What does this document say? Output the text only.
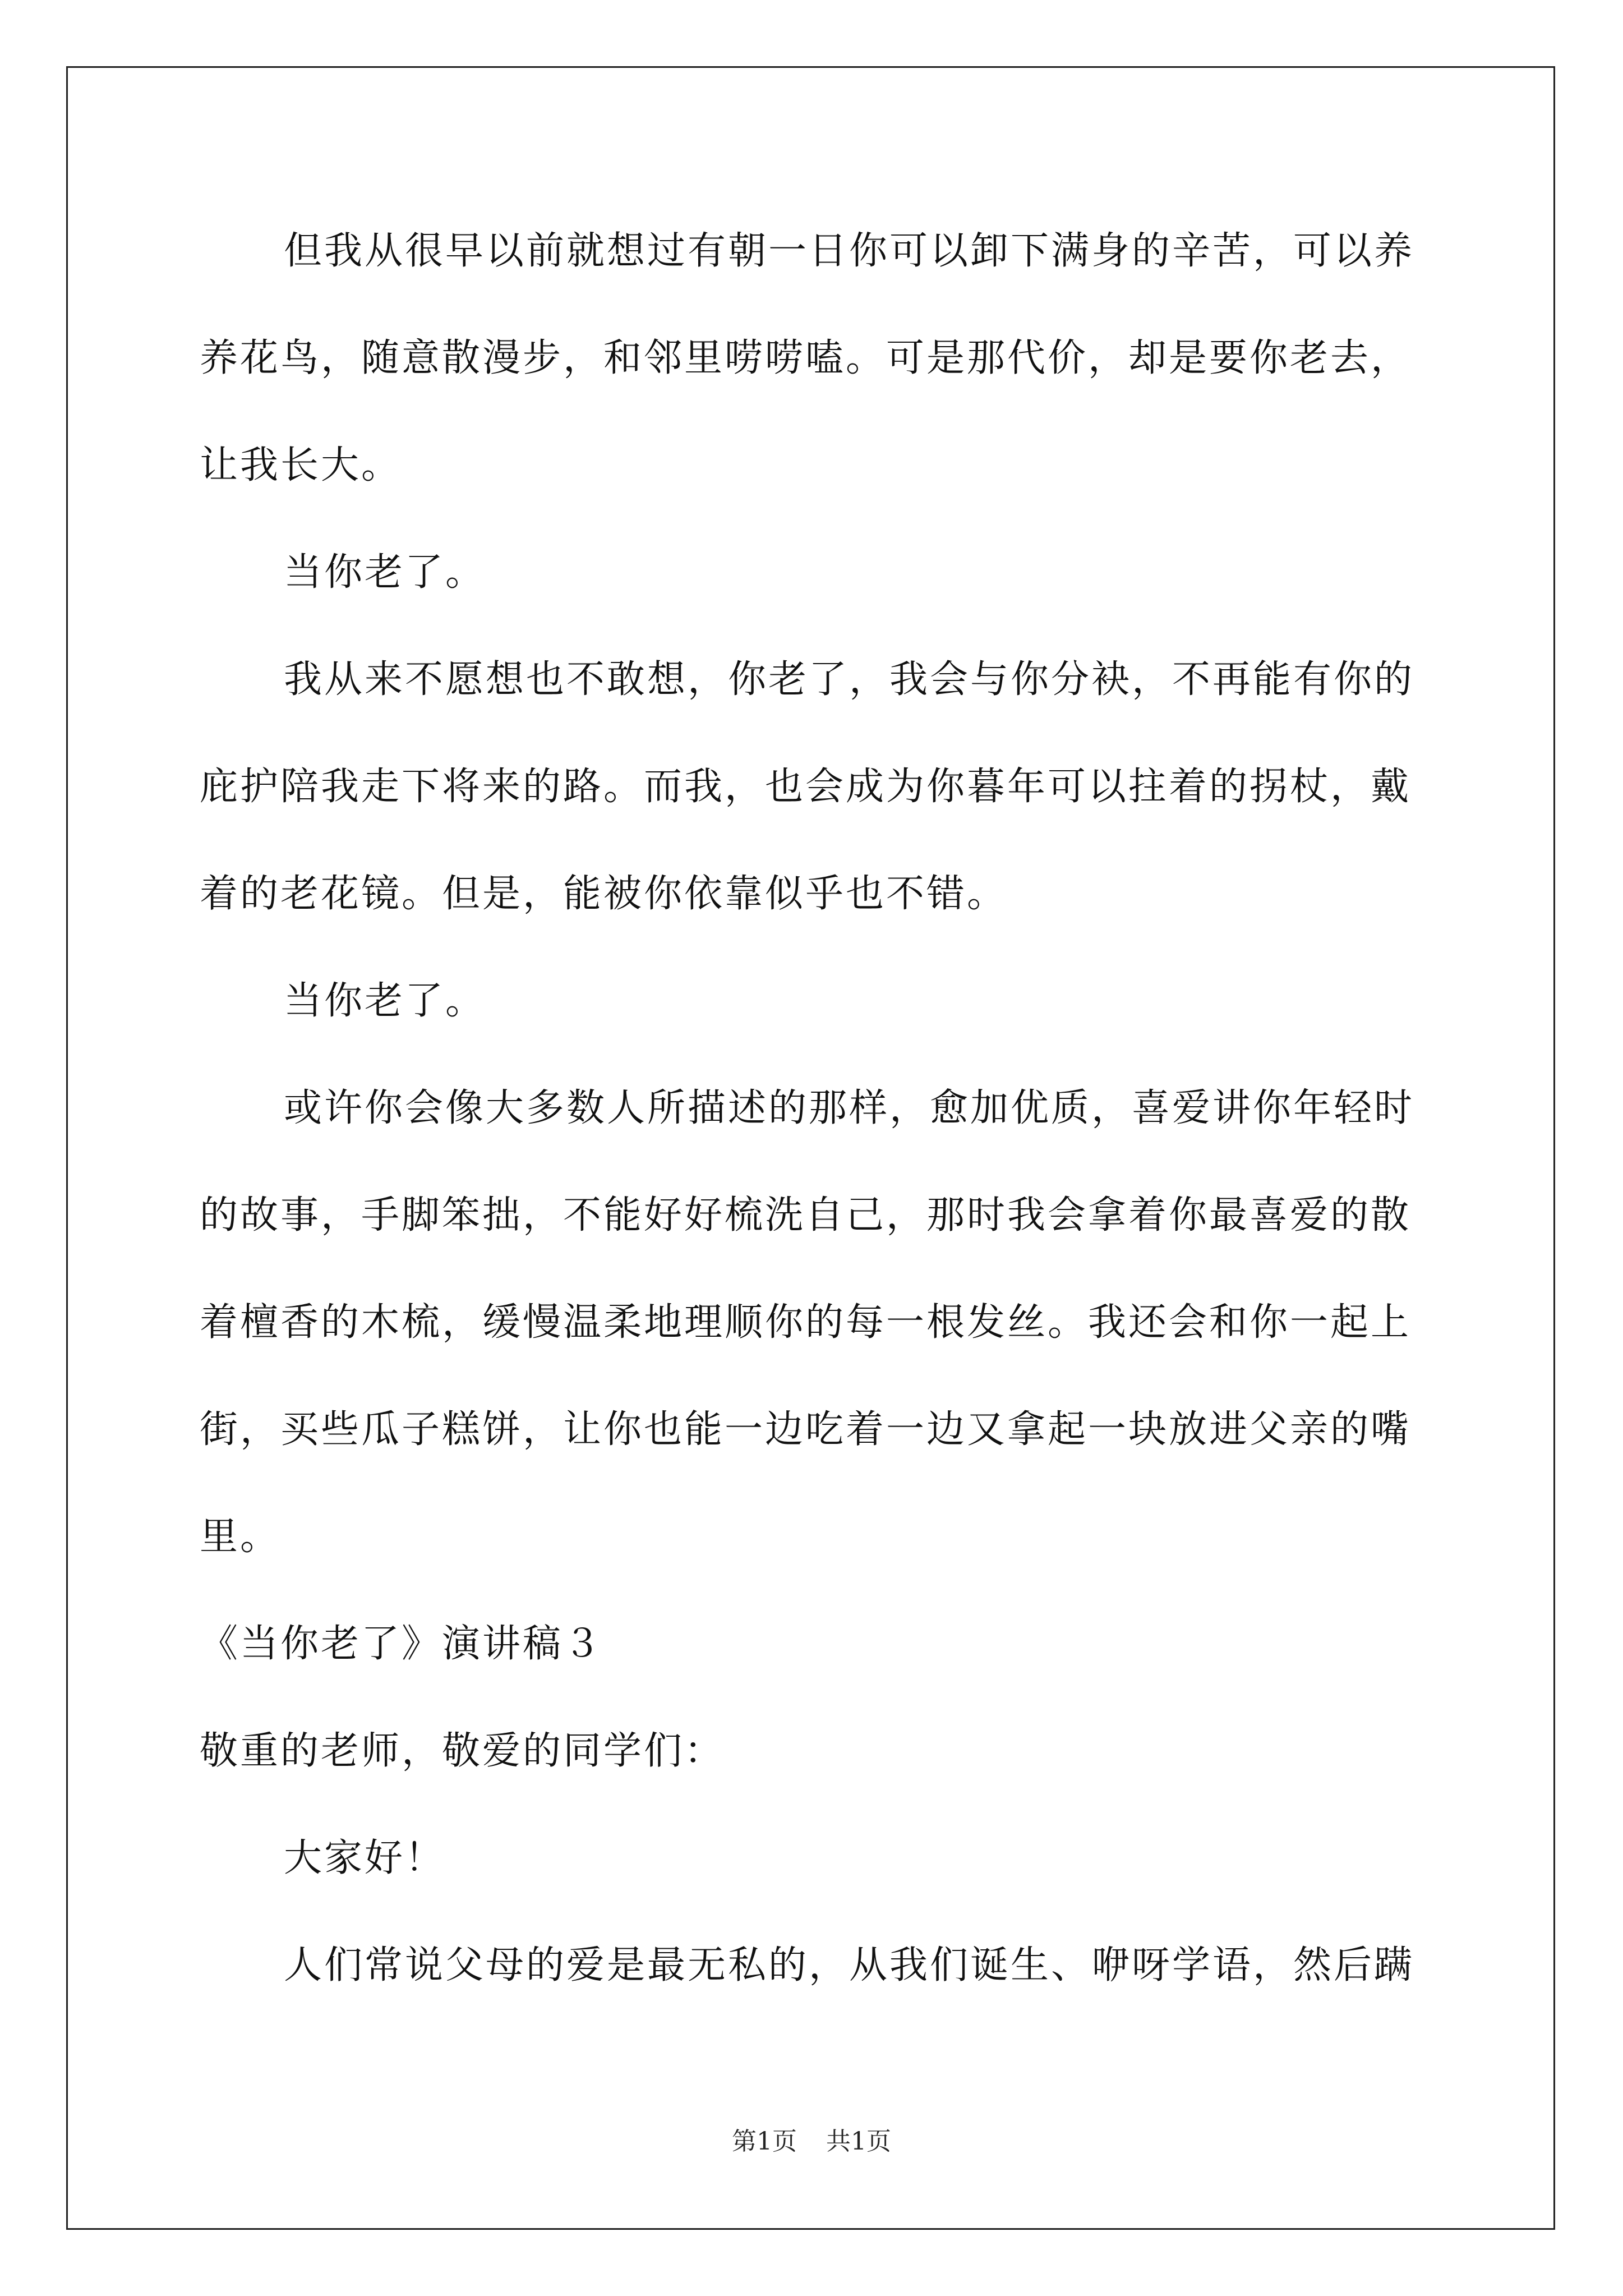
但我从很早以前就想过有朝一日你可以卸下满身的辛苦，可以养
养花鸟，随意散漫步，和邻里唠唠嗑。可是那代价，却是要你老去，
让我长大。
当你老了。
我从来不愿想也不敢想，你老了，我会与你分袂，不再能有你的
庇护陪我走下将来的路。而我，也会成为你暮年可以拄着的拐杖，戴
着的老花镜。但是，能被你依靠似乎也不错。
当你老了。
或许你会像大多数人所描述的那样，愈加优质，喜爱讲你年轻时
的故事，手脚笨拙，不能好好梳洗自己，那时我会拿着你最喜爱的散
着檀香的木梳，缓慢温柔地理顺你的每一根发丝。我还会和你一起上
街，买些瓜子糕饼，让你也能一边吃着一边又拿起一块放进父亲的嘴
里。
《当你老了》演讲稿３
敬重的老师，敬爱的同学们：
大家好！
人们常说父母的爱是最无私的，从我们诞生、咿呀学语，然后蹒
第1页 共1页
